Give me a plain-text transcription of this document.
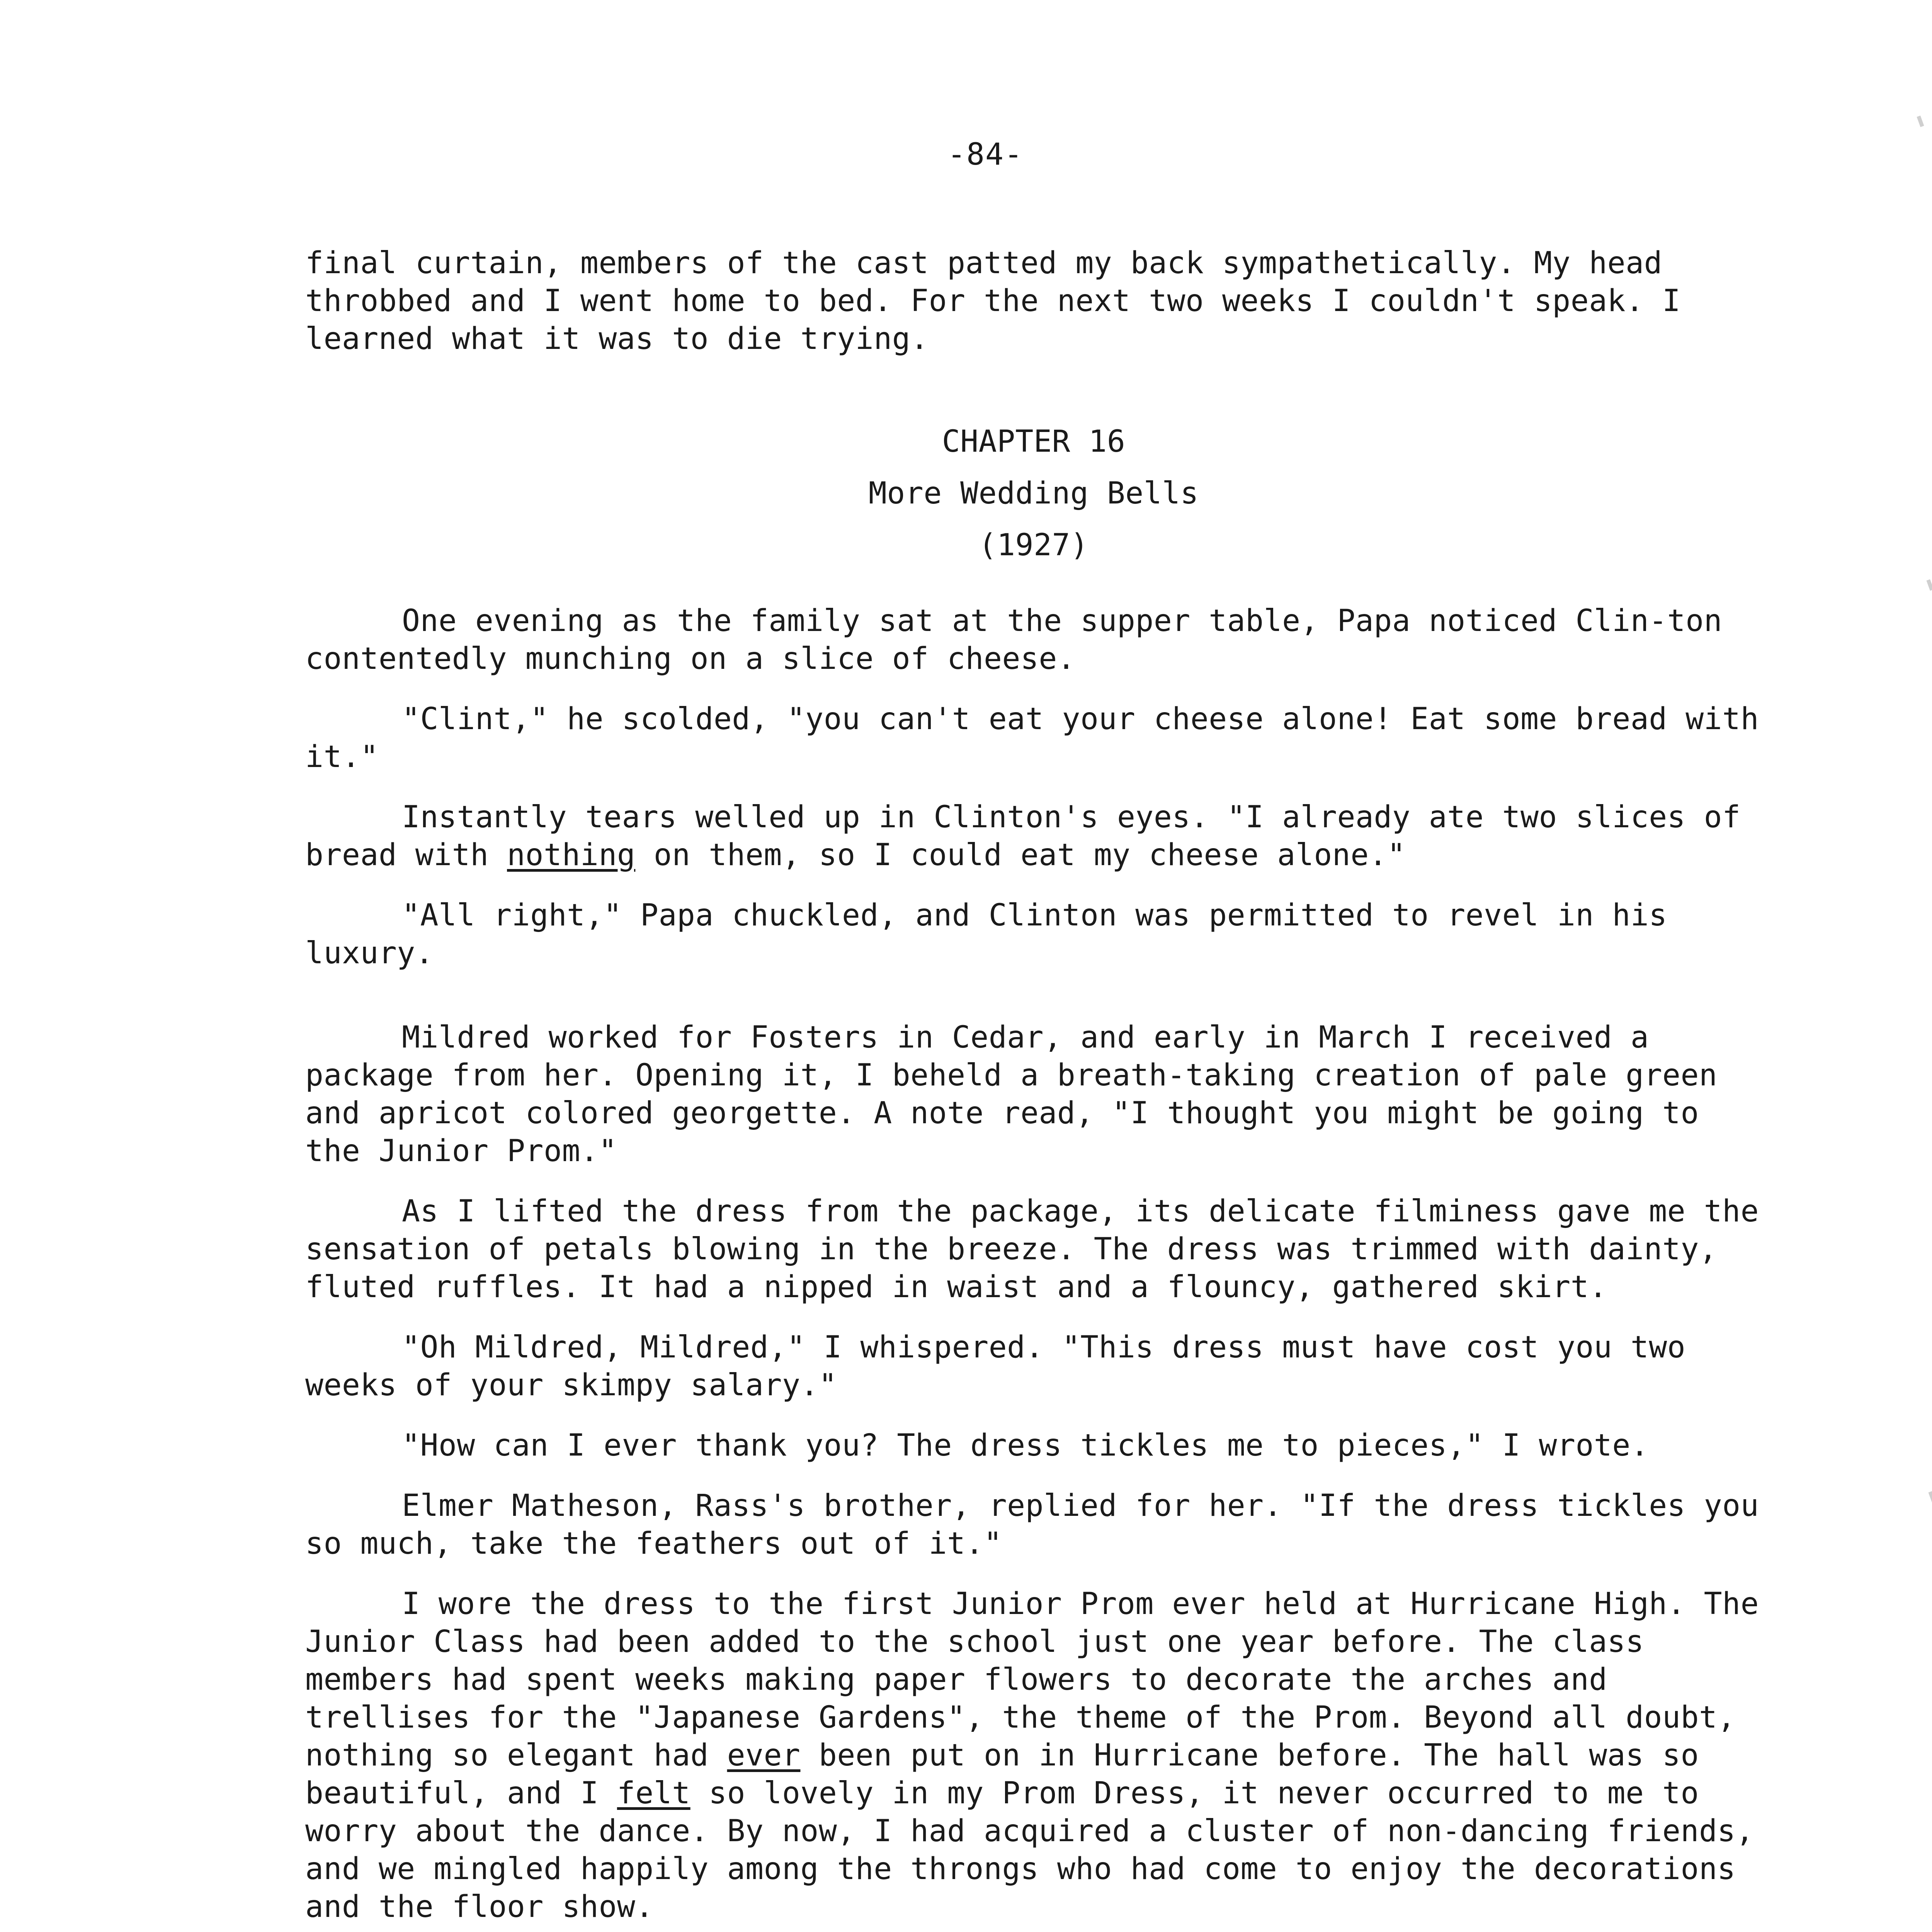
-84-

final curtain, members of the cast patted my back sympathetically. My head throbbed and I went home to bed. For the next two weeks I couldn't speak. I learned what it was to die trying.

CHAPTER 16
More Wedding Bells
(1927)

One evening as the family sat at the supper table, Papa noticed Clin-ton contentedly munching on a slice of cheese.

"Clint," he scolded, "you can't eat your cheese alone! Eat some bread with it."

Instantly tears welled up in Clinton's eyes. "I already ate two slices of bread with nothing on them, so I could eat my cheese alone."

"All right," Papa chuckled, and Clinton was permitted to revel in his luxury.

Mildred worked for Fosters in Cedar, and early in March I received a package from her. Opening it, I beheld a breath-taking creation of pale green and apricot colored georgette. A note read, "I thought you might be going to the Junior Prom."

As I lifted the dress from the package, its delicate filminess gave me the sensation of petals blowing in the breeze. The dress was trimmed with dainty, fluted ruffles. It had a nipped in waist and a flouncy, gathered skirt.

"Oh Mildred, Mildred," I whispered. "This dress must have cost you two weeks of your skimpy salary."

"How can I ever thank you? The dress tickles me to pieces," I wrote.

Elmer Matheson, Rass's brother, replied for her. "If the dress tickles you so much, take the feathers out of it."

I wore the dress to the first Junior Prom ever held at Hurricane High. The Junior Class had been added to the school just one year before. The class members had spent weeks making paper flowers to decorate the arches and trellises for the "Japanese Gardens", the theme of the Prom. Beyond all doubt, nothing so elegant had ever been put on in Hurricane before. The hall was so beautiful, and I felt so lovely in my Prom Dress, it never occurred to me to worry about the dance. By now, I had acquired a cluster of non-dancing friends, and we mingled happily among the throngs who had come to enjoy the decorations and the floor show.
